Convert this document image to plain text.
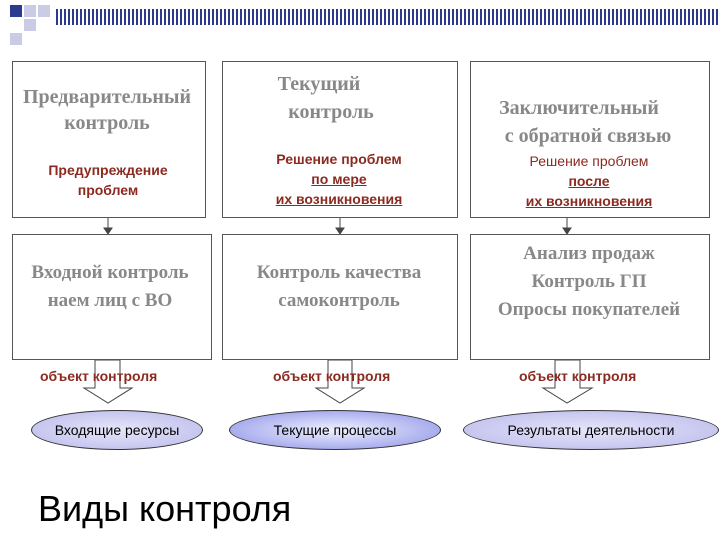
Предварительный
контроль
Предупреждение
проблем
Входной контроль
наем лиц с ВО
объект контроля
Входящие ресурсы
Текущий
контроль
Решение проблем
по мере
их возникновения
Контроль качества
самоконтроль
объект контроля
Текущие процессы
Заключительный
с обратной связью
Решение проблем
после
их возникновения
Анализ продаж
Контроль ГП
Опросы покупателей
объект контроля
Результаты деятельности
Виды контроля
